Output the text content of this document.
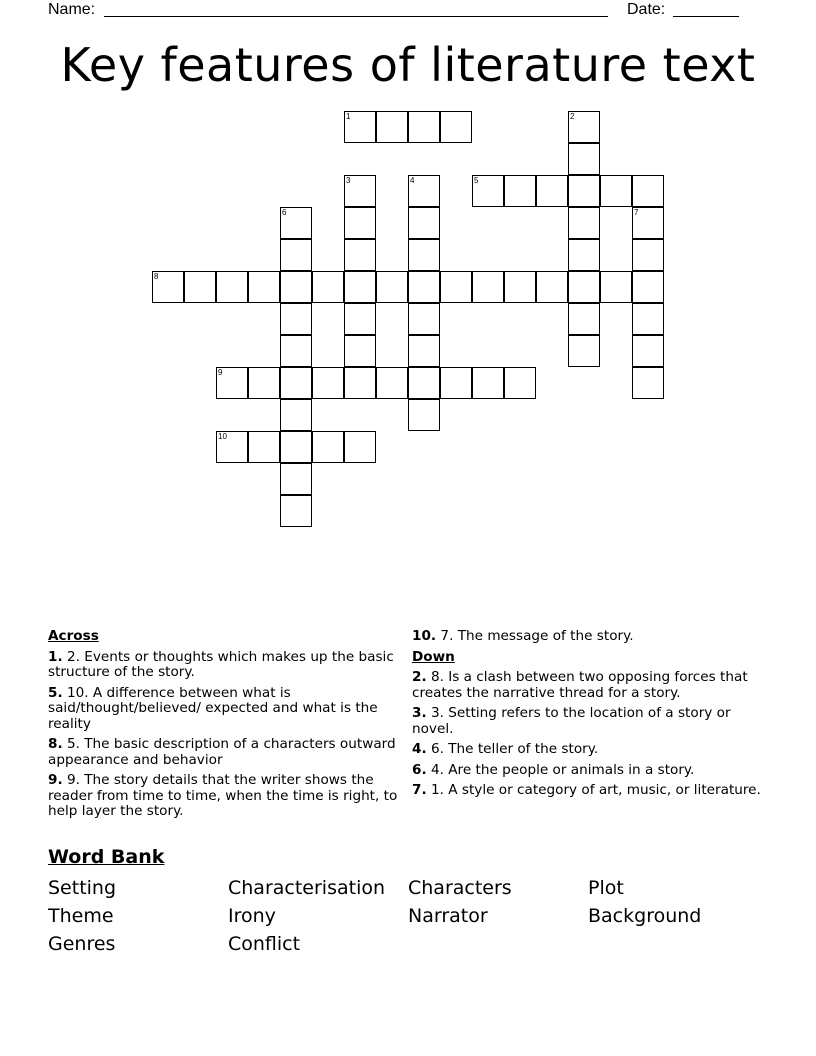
Name:	Date:
Key features of literature text
1	2
3	4	5
6	7
8
9
10
Across
1. 2. Events or thoughts which makes up the basic structure of the story.
5. 10. A difference between what is said/thought/believed/ expected and what is the reality
8. 5. The basic description of a characters outward appearance and behavior
9. 9. The story details that the writer shows the reader from time to time, when the time is right, to help layer the story.
10. 7. The message of the story.
Down
2. 8. Is a clash between two opposing forces that creates the narrative thread for a story.
3. 3. Setting refers to the location of a story or novel.
4. 6. The teller of the story.
6. 4. Are the people or animals in a story.
7. 1. A style or category of art, music, or literature.
Word Bank
Setting	Characterisation Characters	Plot
Theme	Irony	Narrator	Background
Genres	Conflict
